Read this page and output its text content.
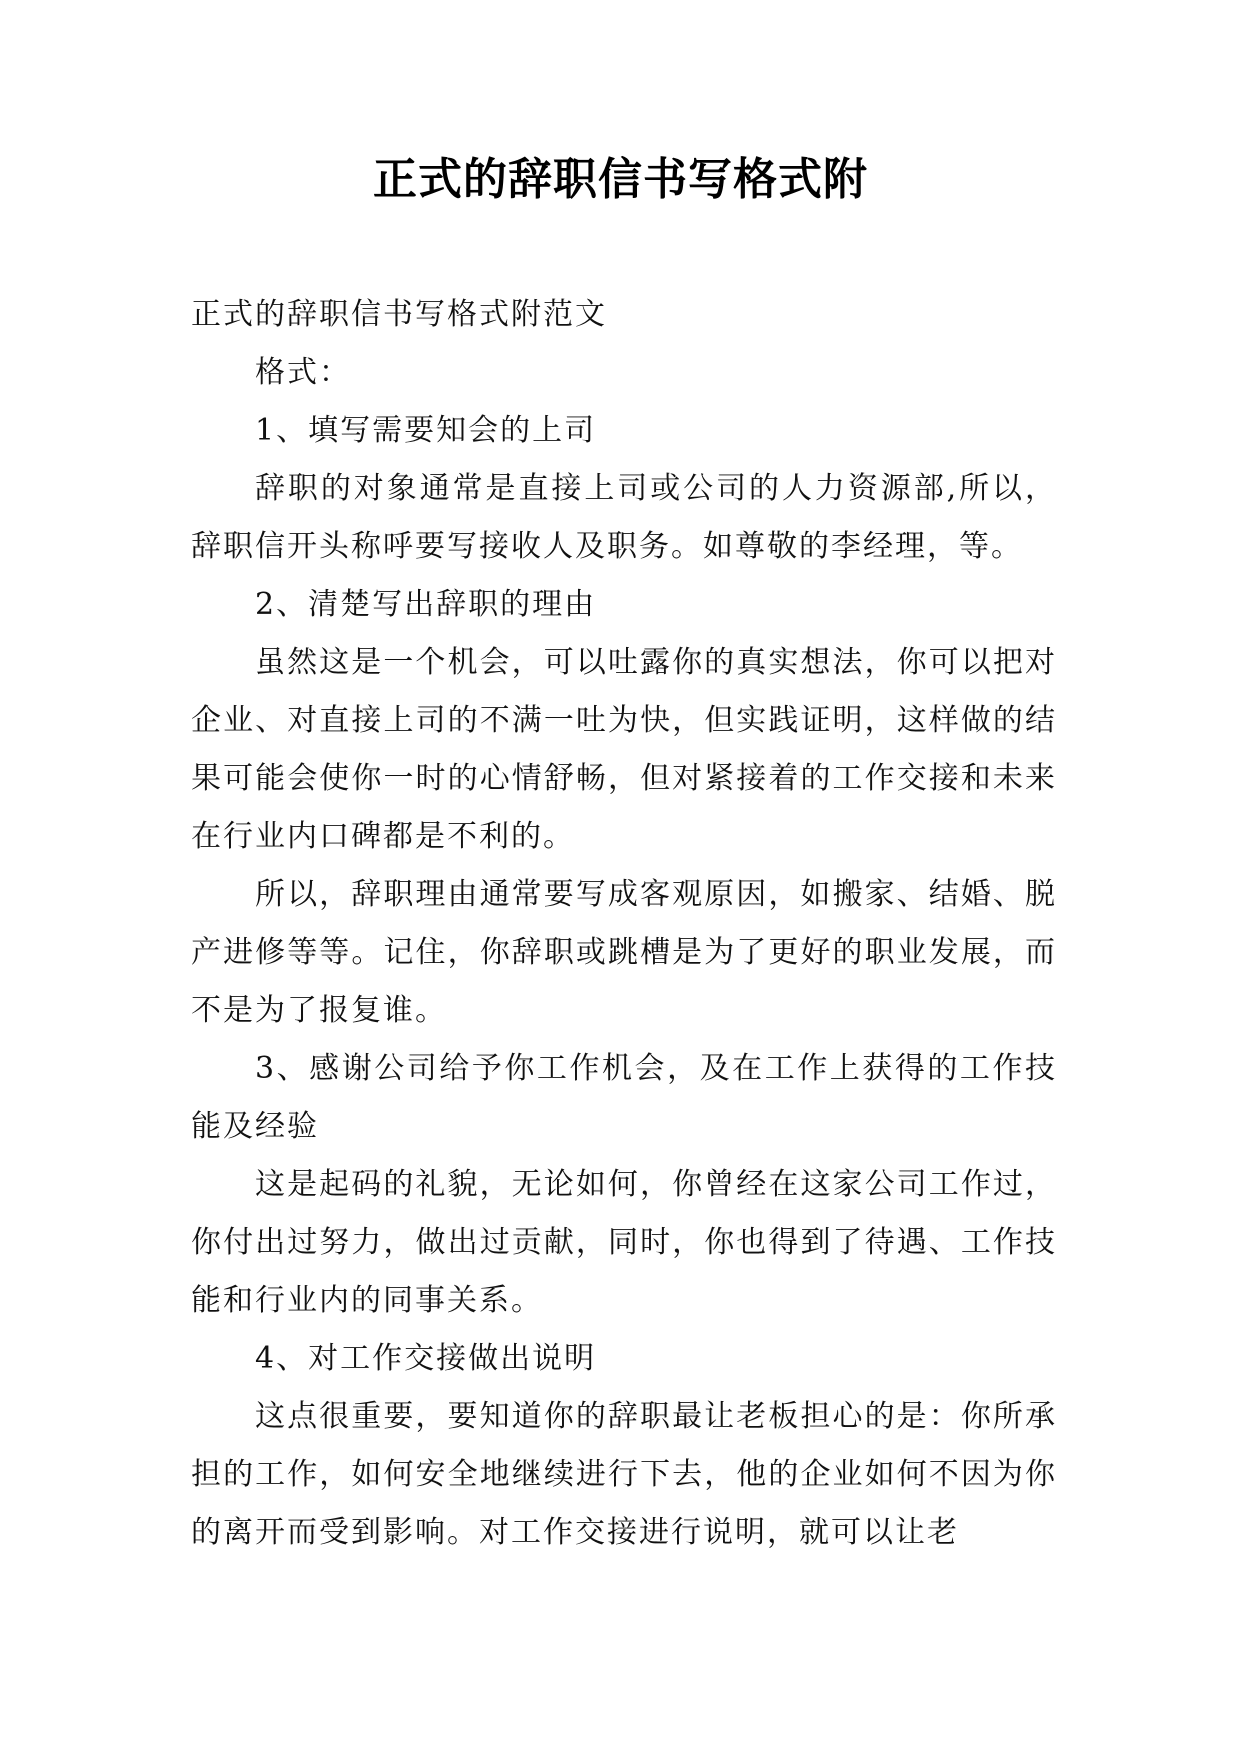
正式的辞职信书写格式附

正式的辞职信书写格式附范文

格式：

1、填写需要知会的上司

辞职的对象通常是直接上司或公司的人力资源部,所以，辞职信开头称呼要写接收人及职务。如尊敬的李经理，等。

2、清楚写出辞职的理由

虽然这是一个机会，可以吐露你的真实想法，你可以把对企业、对直接上司的不满一吐为快，但实践证明，这样做的结果可能会使你一时的心情舒畅，但对紧接着的工作交接和未来在行业内口碑都是不利的。

所以，辞职理由通常要写成客观原因，如搬家、结婚、脱产进修等等。记住，你辞职或跳槽是为了更好的职业发展，而不是为了报复谁。

3、感谢公司给予你工作机会，及在工作上获得的工作技能及经验

这是起码的礼貌，无论如何，你曾经在这家公司工作过，你付出过努力，做出过贡献，同时，你也得到了待遇、工作技能和行业内的同事关系。

4、对工作交接做出说明

这点很重要，要知道你的辞职最让老板担心的是：你所承担的工作，如何安全地继续进行下去，他的企业如何不因为你的离开而受到影响。对工作交接进行说明，就可以让老
